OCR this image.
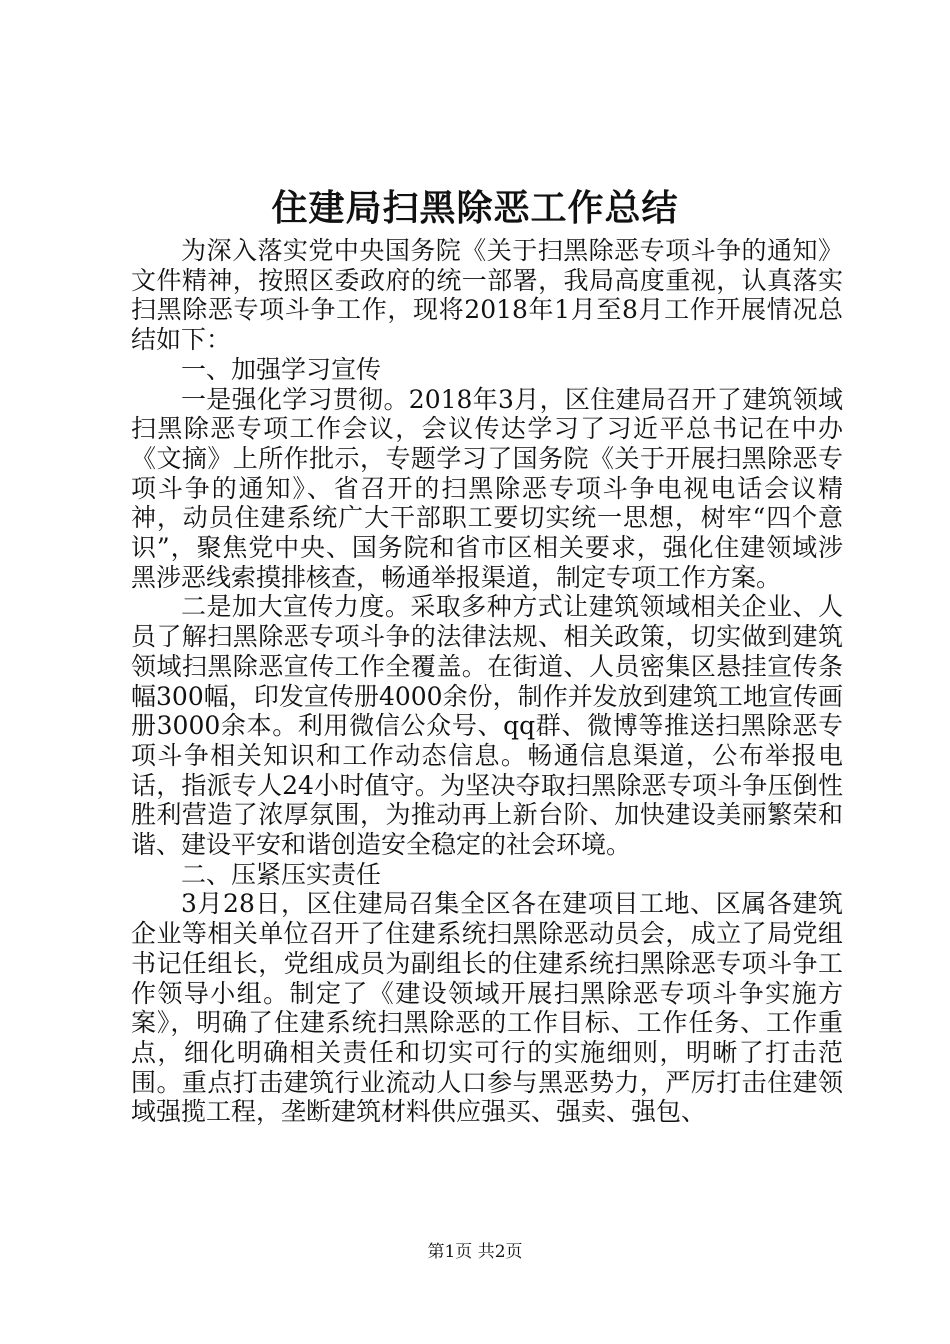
住建局扫黑除恶工作总结

为深入落实党中央国务院《关于扫黑除恶专项斗争的通知》文件精神，按照区委政府的统一部署，我局高度重视，认真落实扫黑除恶专项斗争工作，现将2018年1月至8月工作开展情况总结如下：

一、加强学习宣传

一是强化学习贯彻。2018年3月，区住建局召开了建筑领域扫黑除恶专项工作会议，会议传达学习了习近平总书记在中办《文摘》上所作批示，专题学习了国务院《关于开展扫黑除恶专项斗争的通知》、省召开的扫黑除恶专项斗争电视电话会议精神，动员住建系统广大干部职工要切实统一思想，树牢“四个意识”，聚焦党中央、国务院和省市区相关要求，强化住建领域涉黑涉恶线索摸排核查，畅通举报渠道，制定专项工作方案。

二是加大宣传力度。采取多种方式让建筑领域相关企业、人员了解扫黑除恶专项斗争的法律法规、相关政策，切实做到建筑领域扫黑除恶宣传工作全覆盖。在街道、人员密集区悬挂宣传条幅300幅，印发宣传册4000余份，制作并发放到建筑工地宣传画册3000余本。利用微信公众号、qq群、微博等推送扫黑除恶专项斗争相关知识和工作动态信息。畅通信息渠道，公布举报电话，指派专人24小时值守。为坚决夺取扫黑除恶专项斗争压倒性胜利营造了浓厚氛围，为推动再上新台阶、加快建设美丽繁荣和谐、建设平安和谐创造安全稳定的社会环境。

二、压紧压实责任

3月28日，区住建局召集全区各在建项目工地、区属各建筑企业等相关单位召开了住建系统扫黑除恶动员会，成立了局党组书记任组长，党组成员为副组长的住建系统扫黑除恶专项斗争工作领导小组。制定了《建设领域开展扫黑除恶专项斗争实施方案》，明确了住建系统扫黑除恶的工作目标、工作任务、工作重点，细化明确相关责任和切实可行的实施细则，明晰了打击范围。重点打击建筑行业流动人口参与黑恶势力，严厉打击住建领域强揽工程，垄断建筑材料供应强买、强卖、强包、

第1页 共2页
